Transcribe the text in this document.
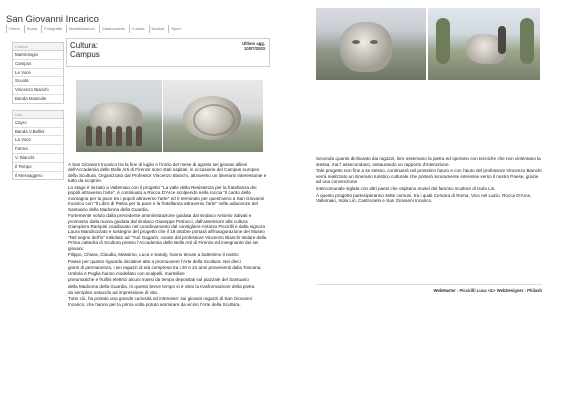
San Giovanni Incarico
Home	Storia	Fotografie	Manifestazioni	Gastronomia	Cultura	Musica	Sport
Cultura
Martirologio
Campus
Le Voce
Scuola
Vincenzo Bianchi
Banda Musicale
Link
Cayro
Banda V.Bellini
La Voce
Farma
V. Bianchi
Il Tempo
Il Messaggero
Cultura:
Campus
Ultimo agg.
10/07/2003

A San Giovanni Incarico tra la fine di luglio e l'inizio del mese di agosto sei giovani allievi dell'Accademia delle Belle Arti di Firenze sono stati ospitati, in occasione del Campus europeo della Scultura. Organizzato dal Professor Vincenzo Bianchi, attraverso un itinerario interessante e tutto da scoprire.

Lo stage è iniziato a Vallemaio con il progetto "La valle della Resistenza per la fratellanza dei popoli attraverso l'arte", è continuato a Rocca D'Arce scolpendo nella roccia "Il canto della montagna per la pace tra i popoli attraverso l'arte" ed è terminato per quest'anno a San Giovanni Incarico con "Il Libro di Pietra per la pace e la fratellanza attraverso l'arte" nelle adiacenze del Santuario della Madonna della Guardia.

Fortemente voluto dalla precedente amministrazione guidata dal sindaco Antonio Salvati e promosso dalla nuova guidata dal sindaco Giuseppe Petrucci, dall'assessore alla cultura Giampiero Rampini coadiuvato nel coordinamento dal consigliere Antonio Piccirilli e dalla signora Laura Mandruzzato e sostegno del progetto che il 19 ottobre portarà all'inaugurazione del Museo "Nel segno dell'io" intitolato ad "Yuri Gagarin, curato dal professore Vincenzo Bianchi titolare della Prima cattedra di Scultura presso l'Accademia delle Belle Arti di Firenze ed insegnante dei sei giovani:

Filippo, Chiara, Claudia, Massimo, Luca e Sandy, hanno tenuto a battesimo il nostro

Paese per quanto riguarda iniziative atte a promuovere l'Arte della Scultura. Nei dieci

giorni di permanenza, i sei ragazzi di età compresa tra i 20 e 24 anni provenienti dalla Toscana, Umbria e Puglia hanno modellato con scalpelli, martelline

pneumatiche e frullini elettrici alcuni massi da tempo depositati sul piazzale del Santuario

della Madonna della Guardia. In questo breve tempo si è visto la trasformazione della pietra

da semplice oetacolo ad impressione di vita.

Tutto ciò, ha portato una grande curiosità ed interesse: sui giovani ragazzi di San Giovanni Incarico, che hanno per la prima volta potuto ammirare da vicino l'Arte della Scultura.

Secondo quanto dichiarato dai ragazzi, loro osservano la pietra ed operano con tecniche che non violentano la stessa, ma l' assecondano, instaurando un rapporto d'interazione.

Tale progetto non fine a se stesso, continuerà nel prossimo futuro e con l'aiuto del professore Vincenzo Bianchi verrà realizzato un itinerario turistico culturale che porterà sicuramente interesse verso il nostro Paese, grazie ad una convenzione

intercomunale siglata con altri paesi che ospitano musei del famoso scultore di Isola Liri.

A questo progetto parteciperanno sette comuni, tra i quali Cervara di Roma, Vico nel Lazio, Rocca D'Arce, Vallemaio, Isola Liri, Castrocielo e San Giovanni Incarico.

WebMaster : Piccirilli Luca <&> WebDesigner : Philash
